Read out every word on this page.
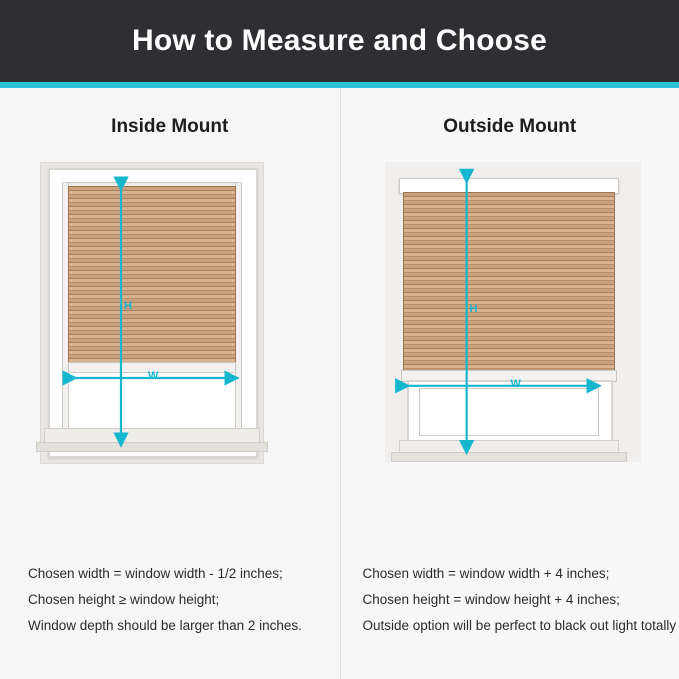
How to Measure and Choose
Inside Mount
H
W
Chosen width = window width - 1/2 inches;
Chosen height ≥ window height;
Window depth should be larger than 2 inches.
Outside Mount
H
W
Chosen width = window width + 4 inches;
Chosen height = window height + 4 inches;
Outside option will be perfect to black out light totally
